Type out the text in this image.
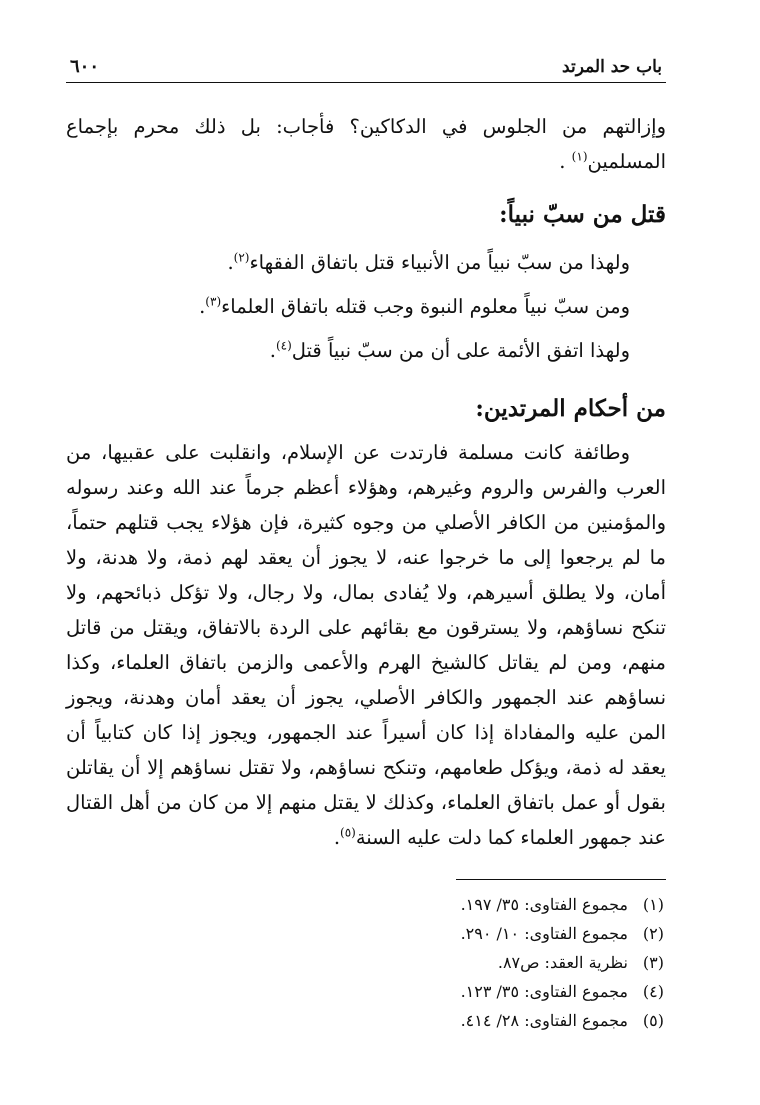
باب حد المرتد
٦٠٠

وإزالتهم من الجلوس في الدكاكين؟ فأجاب: بل ذلك محرم بإجماع المسلمين$^{(١)}$ .

قتل من سبّ نبياً:

ولهذا من سبّ نبياً من الأنبياء قتل باتفاق الفقهاء$^{(٢)}$.

ومن سبّ نبياً معلوم النبوة وجب قتله باتفاق العلماء$^{(٣)}$.

ولهذا اتفق الأئمة على أن من سبّ نبياً قتل$^{(٤)}$.

من أحكام المرتدين:

وطائفة كانت مسلمة فارتدت عن الإسلام، وانقلبت على عقبيها، من العرب والفرس والروم وغيرهم، وهؤلاء أعظم جرماً عند الله وعند رسوله والمؤمنين من الكافر الأصلي من وجوه كثيرة، فإن هؤلاء يجب قتلهم حتماً، ما لم يرجعوا إلى ما خرجوا عنه، لا يجوز أن يعقد لهم ذمة، ولا هدنة، ولا أمان، ولا يطلق أسيرهم، ولا يُفادى بمال، ولا رجال، ولا تؤكل ذبائحهم، ولا تنكح نساؤهم، ولا يسترقون مع بقائهم على الردة بالاتفاق، ويقتل من قاتل منهم، ومن لم يقاتل كالشيخ الهرم والأعمى والزمن باتفاق العلماء، وكذا نساؤهم عند الجمهور والكافر الأصلي، يجوز أن يعقد أمان وهدنة، ويجوز المن عليه والمفاداة إذا كان أسيراً عند الجمهور، ويجوز إذا كان كتابياً أن يعقد له ذمة، ويؤكل طعامهم، وتنكح نساؤهم، ولا تقتل نساؤهم إلا أن يقاتلن بقول أو عمل باتفاق العلماء، وكذلك لا يقتل منهم إلا من كان من أهل القتال عند جمهور العلماء كما دلت عليه السنة$^{(٥)}$.

(١)
مجموع الفتاوى: ٣٥/ ١٩٧.
(٢)
مجموع الفتاوى: ١٠/ ٢٩٠.
(٣)
نظرية العقد: ص٨٧.
(٤)
مجموع الفتاوى: ٣٥/ ١٢٣.
(٥)
مجموع الفتاوى: ٢٨/ ٤١٤.
